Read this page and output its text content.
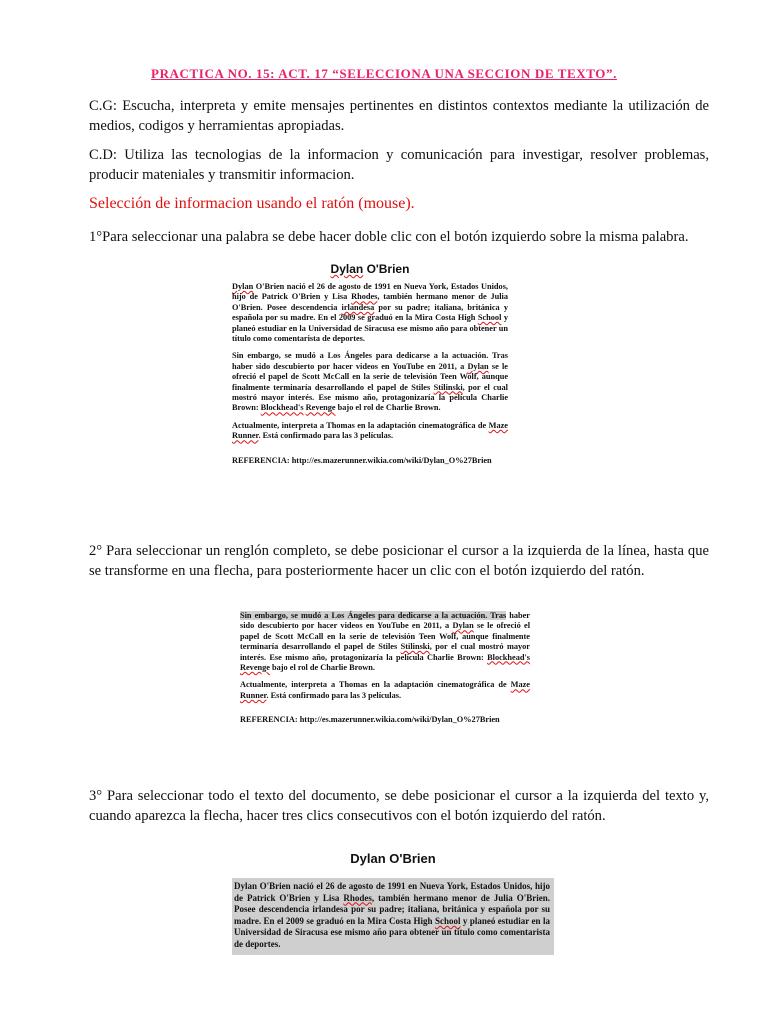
PRACTICA NO. 15: ACT. 17 “SELECCIONA UNA SECCION DE TEXTO”.
C.G: Escucha, interpreta y emite mensajes pertinentes en distintos contextos mediante la utilización de medios, codigos y herramientas apropiadas.
C.D: Utiliza las tecnologias de la informacion y comunicación para investigar, resolver problemas, producir mateniales y transmitir informacion.
Selección de informacion usando el ratón (mouse).
1°Para seleccionar una palabra se debe hacer doble clic con el botón izquierdo sobre la misma palabra.
Dylan O'Brien

Dylan O'Brien nació el 26 de agosto de 1991 en Nueva York, Estados Unidos, hijo de Patrick O'Brien y Lisa Rhodes, también hermano menor de Julia O'Brien. Posee descendencia irlandesa por su padre; italiana, británica y española por su madre. En el 2009 se graduó en la Mira Costa High School y planeó estudiar en la Universidad de Siracusa ese mismo año para obtener un título como comentarista de deportes.

Sin embargo, se mudó a Los Ángeles para dedicarse a la actuación. Tras haber sido descubierto por hacer videos en YouTube en 2011, a Dylan se le ofreció el papel de Scott McCall en la serie de televisión Teen Wolf, aunque finalmente terminaría desarrollando el papel de Stiles Stilinski, por el cual mostró mayor interés. Ese mismo año, protagonizaría la película Charlie Brown: Blockhead's Revenge bajo el rol de Charlie Brown.

Actualmente, interpreta a Thomas en la adaptación cinematográfica de Maze Runner. Está confirmado para las 3 películas.

REFERENCIA: http://es.mazerunner.wikia.com/wiki/Dylan_O%27Brien

2° Para seleccionar un renglón completo, se debe posicionar el cursor a la izquierda de la línea, hasta que se transforme en una flecha, para posteriormente hacer un clic con el botón izquierdo del ratón.

Sin embargo, se mudó a Los Ángeles para dedicarse a la actuación. Tras haber sido descubierto por hacer videos en YouTube en 2011, a Dylan se le ofreció el papel de Scott McCall en la serie de televisión Teen Wolf, aunque finalmente terminaría desarrollando el papel de Stiles Stilinski, por el cual mostró mayor interés. Ese mismo año, protagonizaría la película Charlie Brown: Blockhead's Revenge bajo el rol de Charlie Brown.

Actualmente, interpreta a Thomas en la adaptación cinematográfica de Maze Runner. Está confirmado para las 3 películas.

REFERENCIA: http://es.mazerunner.wikia.com/wiki/Dylan_O%27Brien

3° Para seleccionar todo el texto del documento, se debe posicionar el cursor a la izquierda del texto y, cuando aparezca la flecha, hacer tres clics consecutivos con el botón izquierdo del ratón.
Dylan O'Brien

Dylan O'Brien nació el 26 de agosto de 1991 en Nueva York, Estados Unidos, hijo de Patrick O'Brien y Lisa Rhodes, también hermano menor de Julia O'Brien. Posee descendencia irlandesa por su padre; italiana, británica y española por su madre. En el 2009 se graduó en la Mira Costa High School y planeó estudiar en la Universidad de Siracusa ese mismo año para obtener un título como comentarista de deportes.
